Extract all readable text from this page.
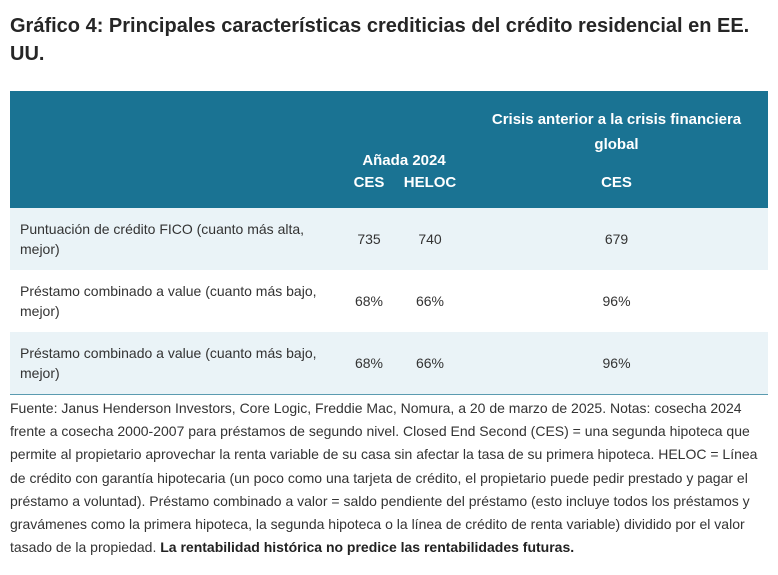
Gráfico 4: Principales características crediticias del crédito residencial en EE. UU.
	Añada 2024		Crisis anterior a la crisis financiera global
	CES	HELOC	CES
Puntuación de crédito FICO (cuanto más alta, mejor)	735	740	679
Préstamo combinado a value (cuanto más bajo, mejor)	68%	66%	96%
Préstamo combinado a value (cuanto más bajo, mejor)	68%	66%	96%
Fuente: Janus Henderson Investors, Core Logic, Freddie Mac, Nomura, a 20 de marzo de 2025. Notas: cosecha 2024 frente a cosecha 2000-2007 para préstamos de segundo nivel. Closed End Second (CES) = una segunda hipoteca que permite al propietario aprovechar la renta variable de su casa sin afectar la tasa de su primera hipoteca. HELOC = Línea de crédito con garantía hipotecaria (un poco como una tarjeta de crédito, el propietario puede pedir prestado y pagar el préstamo a voluntad). Préstamo combinado a valor = saldo pendiente del préstamo (esto incluye todos los préstamos y gravámenes como la primera hipoteca, la segunda hipoteca o la línea de crédito de renta variable) dividido por el valor tasado de la propiedad. La rentabilidad histórica no predice las rentabilidades futuras.
